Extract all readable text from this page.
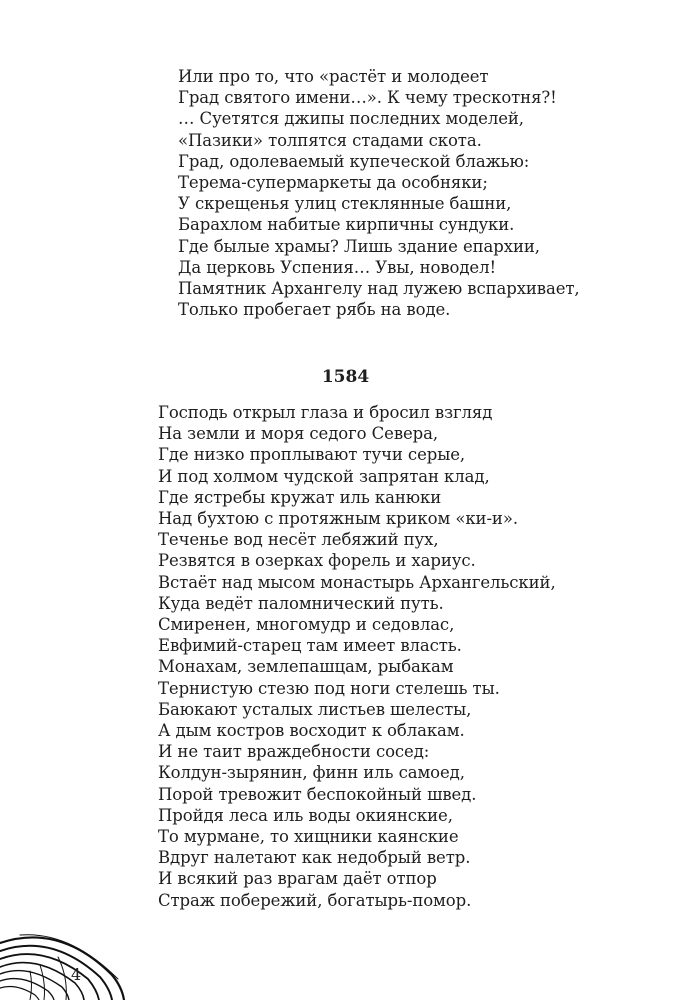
Или про то, что «растёт и молодеет
Град святого имени…». К чему трескотня?!
… Суетятся джипы последних моделей,
«Пазики» толпятся стадами скота.
Град, одолеваемый купеческой блажью:
Терема-супермаркеты да особняки;
У скрещенья улиц стеклянные башни,
Барахлом набитые кирпичны сундуки.
Где былые храмы? Лишь здание епархии,
Да церковь Успения… Увы, новодел!
Памятник Архангелу над лужею вспархивает,
Только пробегает рябь на воде.
1584
Господь открыл глаза и бросил взгляд
На земли и моря седого Севера,
Где низко проплывают тучи серые,
И под холмом чудской запрятан клад,
Где ястребы кружат иль канюки
Над бухтою с протяжным криком «ки-и».
Теченье вод несёт лебяжий пух,
Резвятся в озерках форель и хариус.
Встаёт над мысом монастырь Архангельский,
Куда ведёт паломнический путь.
Смиренен, многомудр и седовлас,
Евфимий-старец там имеет власть.
Монахам, землепашцам, рыбакам
Тернистую стезю под ноги стелешь ты.
Баюкают усталых листьев шелесты,
А дым костров восходит к облакам.
И не таит враждебности сосед:
Колдун-зырянин, финн иль самоед,
Порой тревожит беспокойный швед.
Пройдя леса иль воды окиянские,
То мурмане, то хищники каянские
Вдруг налетают как недобрый ветр.
И всякий раз врагам даёт отпор
Страж побережий, богатырь-помор.
4
